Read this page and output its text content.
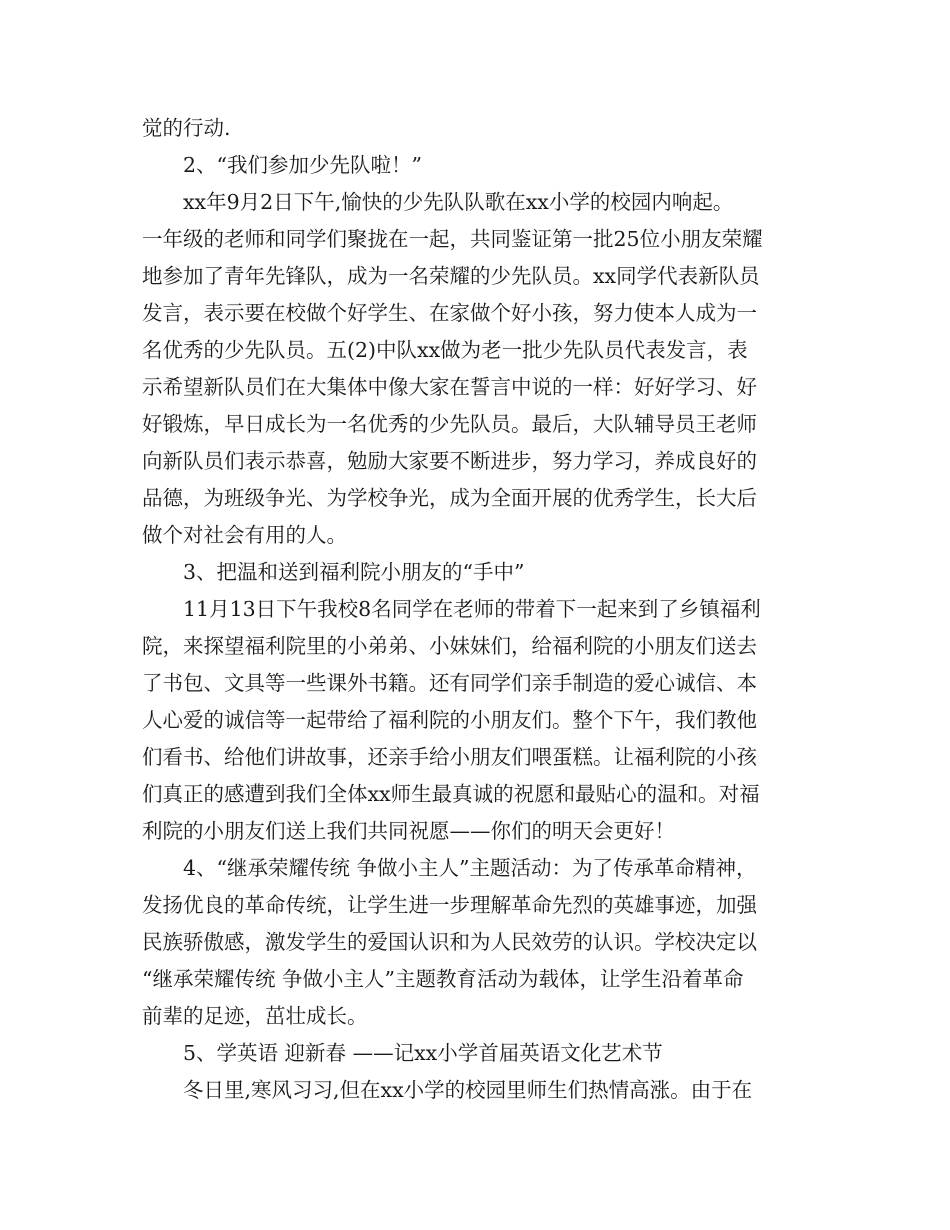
觉的行动.
2、“我们参加少先队啦！”
xx年9月2日下午,愉快的少先队队歌在xx小学的校园内响起。
一年级的老师和同学们聚拢在一起，共同鉴证第一批25位小朋友荣耀
地参加了青年先锋队，成为一名荣耀的少先队员。xx同学代表新队员
发言，表示要在校做个好学生、在家做个好小孩，努力使本人成为一
名优秀的少先队员。五(2)中队xx做为老一批少先队员代表发言，表
示希望新队员们在大集体中像大家在誓言中说的一样：好好学习、好
好锻炼，早日成长为一名优秀的少先队员。最后，大队辅导员王老师
向新队员们表示恭喜，勉励大家要不断进步，努力学习，养成良好的
品德，为班级争光、为学校争光，成为全面开展的优秀学生，长大后
做个对社会有用的人。
3、把温和送到福利院小朋友的“手中”
11月13日下午我校8名同学在老师的带着下一起来到了乡镇福利
院，来探望福利院里的小弟弟、小妹妹们，给福利院的小朋友们送去
了书包、文具等一些课外书籍。还有同学们亲手制造的爱心诚信、本
人心爱的诚信等一起带给了福利院的小朋友们。整个下午，我们教他
们看书、给他们讲故事，还亲手给小朋友们喂蛋糕。让福利院的小孩
们真正的感遭到我们全体xx师生最真诚的祝愿和最贴心的温和。对福
利院的小朋友们送上我们共同祝愿——你们的明天会更好！
4、“继承荣耀传统 争做小主人”主题活动：为了传承革命精神，
发扬优良的革命传统，让学生进一步理解革命先烈的英雄事迹，加强
民族骄傲感，激发学生的爱国认识和为人民效劳的认识。学校决定以
“继承荣耀传统 争做小主人”主题教育活动为载体，让学生沿着革命
前辈的足迹，茁壮成长。
5、学英语 迎新春 ——记xx小学首届英语文化艺术节
冬日里,寒风习习,但在xx小学的校园里师生们热情高涨。由于在
